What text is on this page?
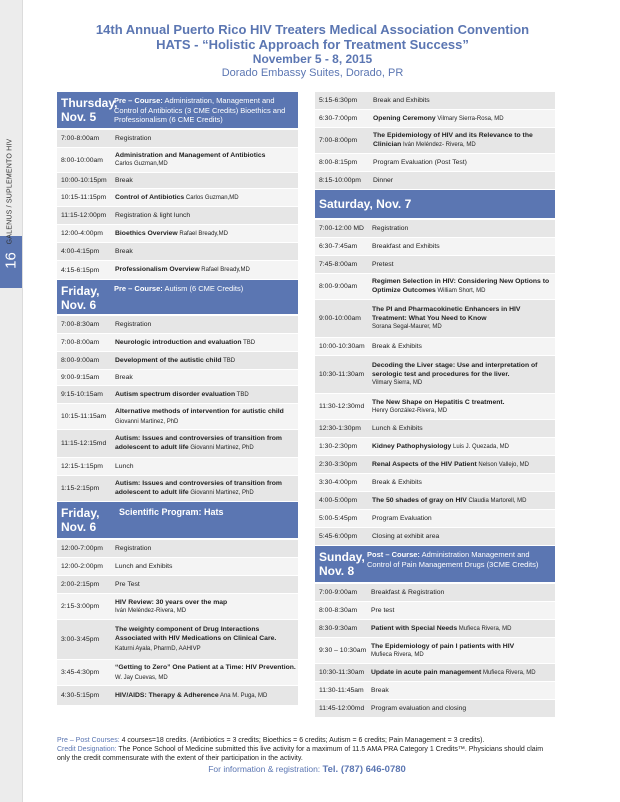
16
GALENUS / SUPLEMENTO HIV
14th Annual Puerto Rico HIV Treaters Medical Association Convention
HATS - “Holistic Approach for Treatment Success”
November 5 - 8, 2015
Dorado Embassy Suites, Dorado, PR
Thursday, Nov. 5
Pre – Course: Administration, Management and Control of Antibiotics (3 CME Credits) Bioethics and Professionalism (6 CME Credits)
7:00-8:00am	Registration
8:00-10:00am
Administration and Management of Antibiotics
Carlos Guzman,MD
10:00-10:15pm	Break
10:15-11:15pm	Control of Antibiotics Carlos Guzman,MD
11:15-12:00pm	Registration & light lunch
12:00-4:00pm	Bioethics Overview Rafael Bready,MD
4:00-4:15pm	Break
4:15-6:15pm	Professionalism Overview Rafael Bready,MD
Friday, Nov. 6
Pre – Course: Autism (6 CME Credits)
7:00-8:30am	Registration
7:00-8:00am	Neurologic introduction and evaluation TBD
8:00-9:00am	Development of the autistic child TBD
9:00-9:15am	Break
9:15-10:15am	Autism spectrum disorder evaluation TBD
10:15-11:15am
Alternative methods of intervention for autistic child Giovanni Martinez, PhD
11:15-12:15md
Autism: Issues and controversies of transition from adolescent to adult life Giovanni Martinez, PhD
12:15-1:15pm	Lunch
1:15-2:15pm
Autism: Issues and controversies of transition from adolescent to adult life Giovanni Martinez, PhD
Friday, Nov. 6
Scientific Program: Hats
12:00-7:00pm	Registration
12:00-2:00pm	Lunch and Exhibits
2:00-2:15pm	Pre Test
2:15-3:00pm
HIV Review: 30 years over the map
Iván Meléndez-Rivera, MD
3:00-3:45pm
The weighty component of Drug Interactions Associated with HIV Medications on Clinical Care. Katurni Ayala, PharmD, AAHIVP
3:45-4:30pm
“Getting to Zero” One Patient at a Time: HIV Prevention. W. Jay Cuevas, MD
4:30-5:15pm	HIV/AIDS: Therapy & Adherence Ana M. Puga, MD
5:15-6:30pm	Break and Exhibits
6:30-7:00pm	Opening Ceremony Vilmary Sierra-Rosa, MD
7:00-8:00pm
The Epidemiology of HIV and its Relevance to the Clinician Iván Meléndez- Rivera, MD
8:00-8:15pm	Program Evaluation (Post Test)
8:15-10:00pm	Dinner
Saturday, Nov. 7
7:00-12:00 MD	Registration
6:30-7:45am	Breakfast and Exhibits
7:45-8:00am	Pretest
8:00-9:00am
Regimen Selection in HIV: Considering New Options to Optimize Outcomes William Short, MD
9:00-10:00am
The PI and Pharmacokinetic Enhancers in HIV Treatment: What You Need to Know
Sorana Segal-Maurer, MD
10:00-10:30am	Break & Exhibits
10:30-11:30am
Decoding the Liver stage: Use and interpretation of serologic test and procedures for the liver.
Vilmary Sierra, MD
11:30-12:30md
The New Shape on Hepatitis C treatment.
Henry González-Rivera, MD
12:30-1:30pm	Lunch & Exhibits
1:30-2:30pm	Kidney Pathophysiology Luis J. Quezada, MD
2:30-3:30pm	Renal Aspects of the HIV Patient Nelson Vallejo, MD
3:30-4:00pm	Break & Exhibits
4:00-5:00pm	The 50 shades of gray on HIV Claudia Martorell, MD
5:00-5:45pm	Program Evaluation
5:45-6:00pm	Closing at exhibit area
Sunday, Nov. 8
Post – Course: Administration Management and Control of Pain Management Drugs (3CME Credits)
7:00-9:00am	Breakfast & Registration
8:00-8:30am	Pre test
8:30-9:30am	Patient with Special Needs Mufieca Rivera, MD
9:30 – 10:30am
The Epidemiology of pain I patients with HIV
Mufieca Rivera, MD
10:30-11:30am Update in acute pain management Mufieca Rivera, MD
11:30-11:45am	Break
11:45-12:00md Program evaluation and closing
Pre – Post Courses: 4 courses=18 credits. (Antibiotics = 3 credits; Bioethics = 6 credits; Autism = 6 credits; Pain Management = 3 credits).
Credit Designation: The Ponce School of Medicine submitted this live activity for a maximum of 11.5 AMA PRA Category 1 Credits™. Physicians should claim only the credit commensurate with the extent of their participation in the activity.
For information & registration: Tel. (787) 646-0780
